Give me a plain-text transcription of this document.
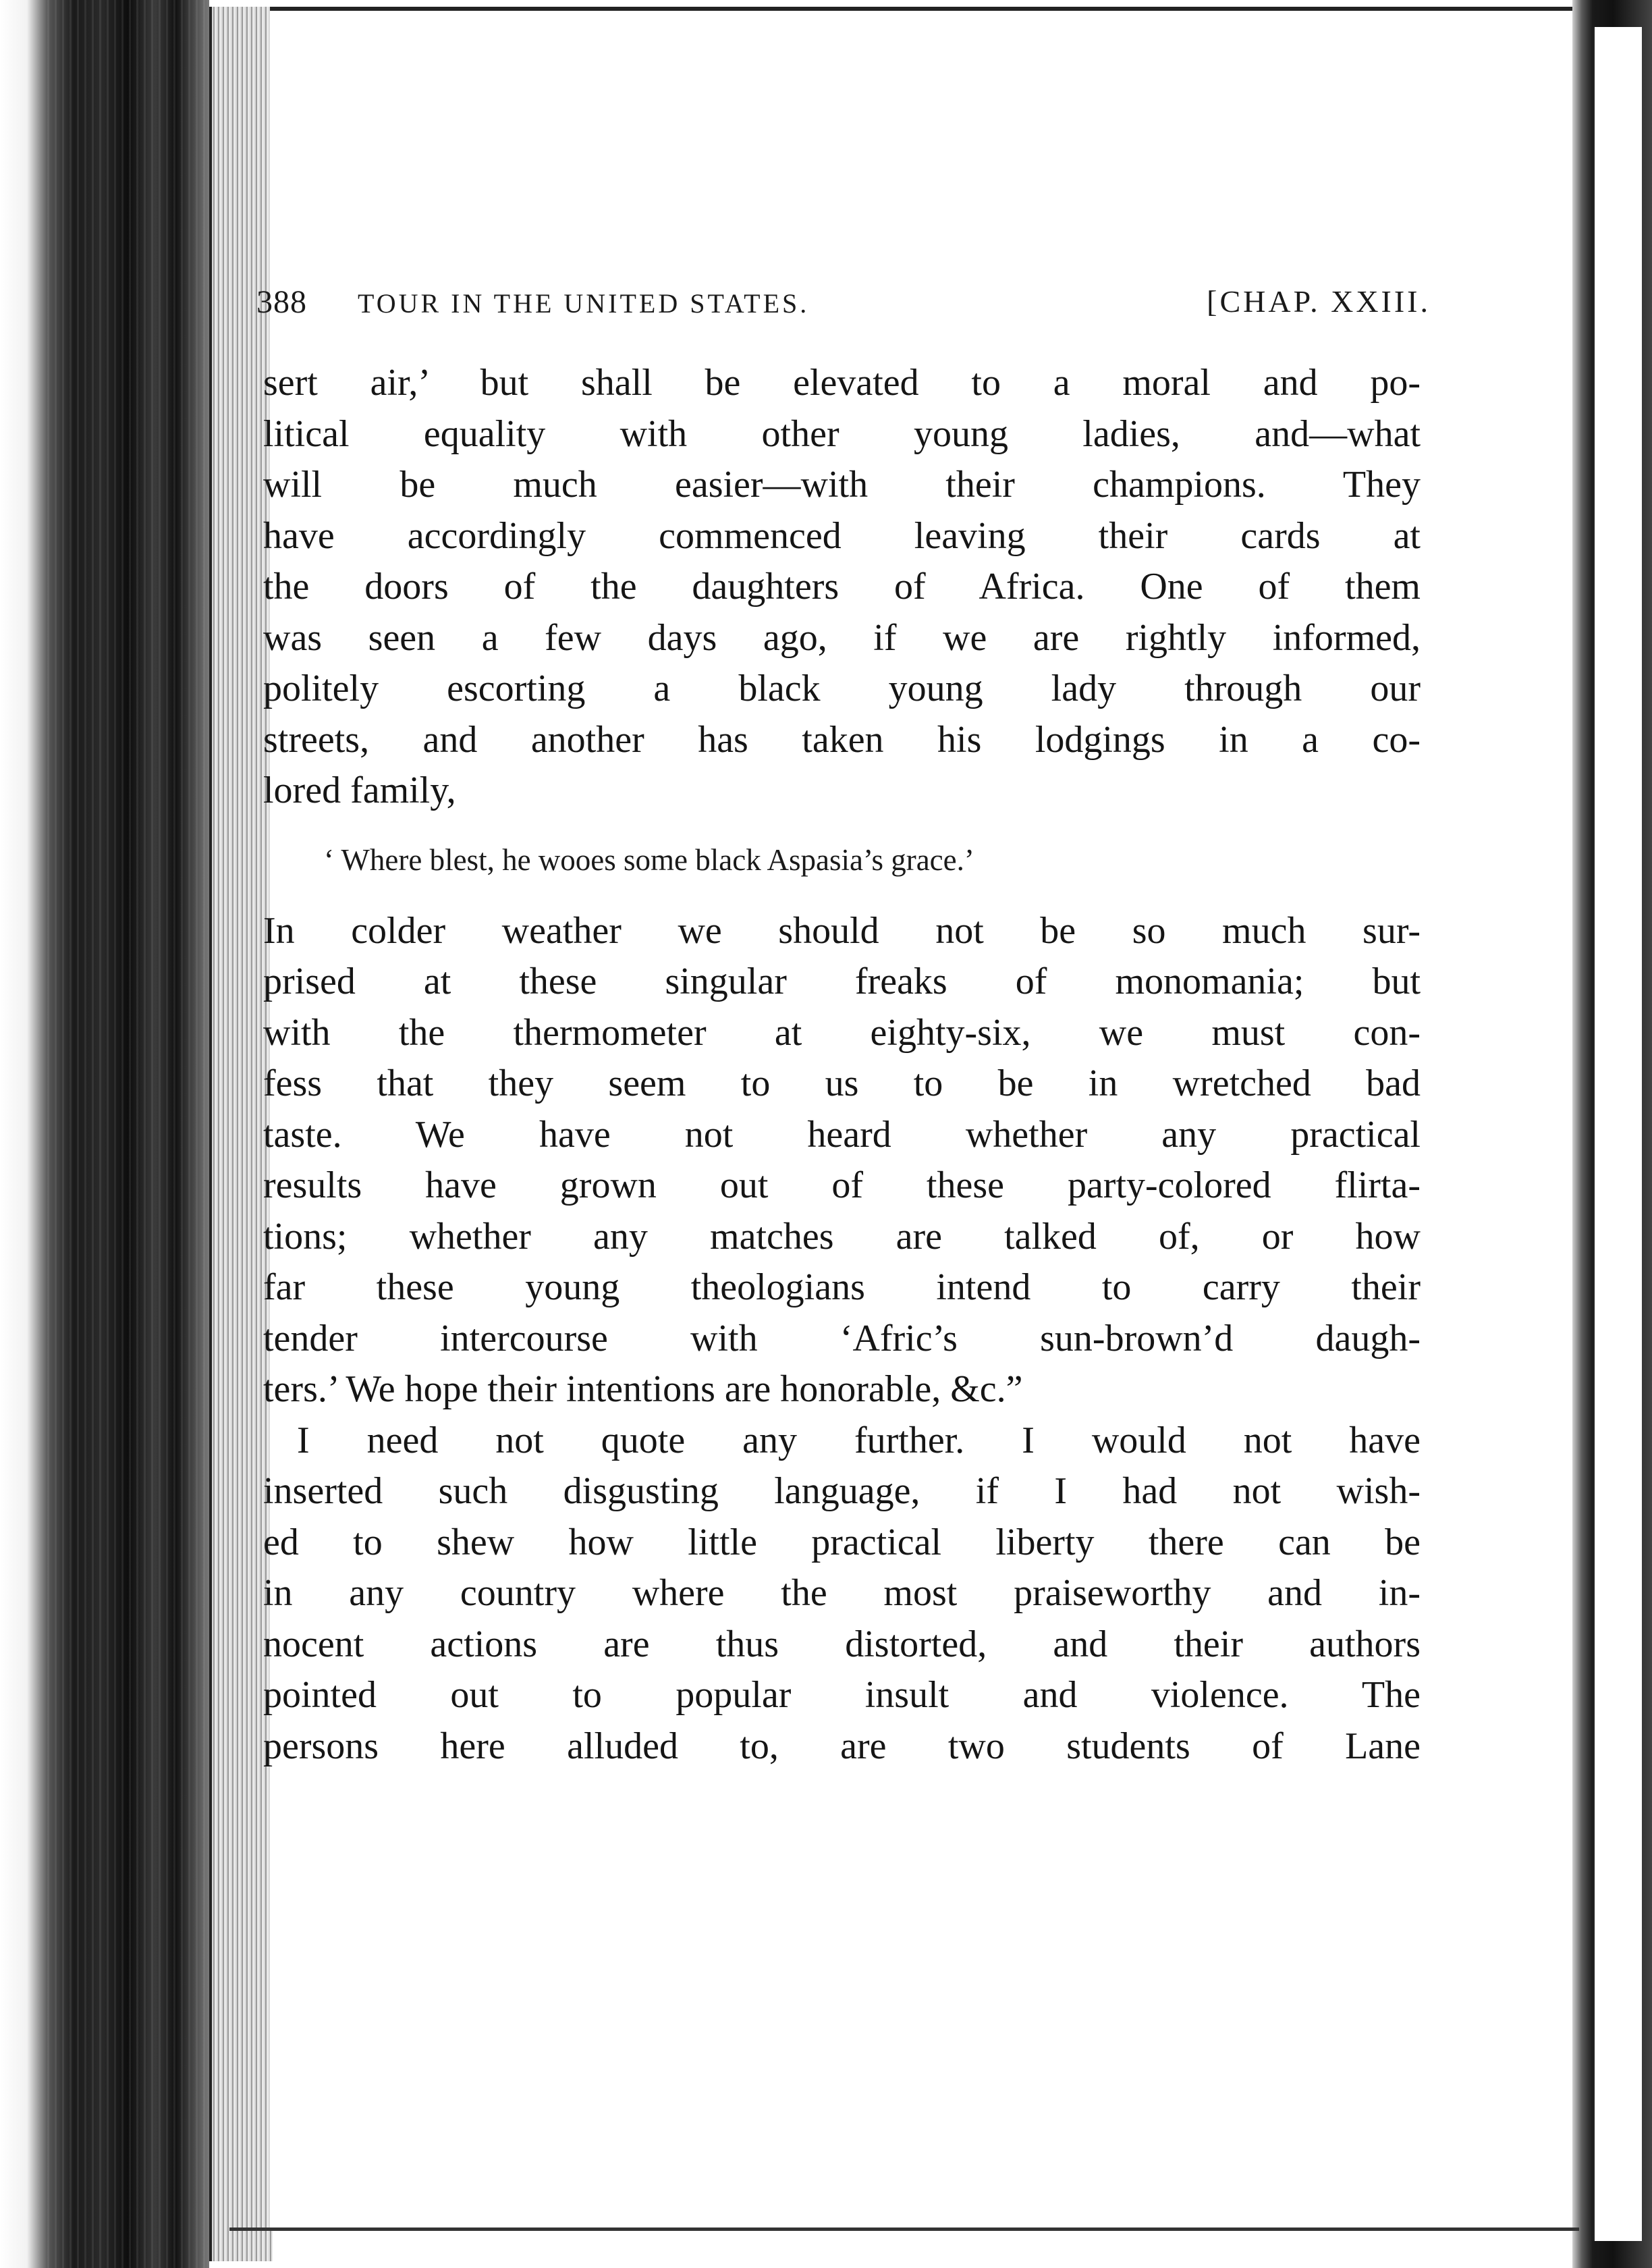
388 TOUR IN THE UNITED STATES.	[CHAP. XXIII.
sert air,’ but shall be elevated to a moral and po-
litical equality with other young ladies, and—what
will be much easier—with their champions. They
have accordingly commenced leaving their cards at
the doors of the daughters of Africa. One of them
was seen a few days ago, if we are rightly informed,
politely escorting a black young lady through our
streets, and another has taken his lodgings in a co-
lored family,
‘ Where blest, he wooes some black Aspasia’s grace.’
In colder weather we should not be so much sur-
prised at these singular freaks of monomania; but
with the thermometer at eighty-six, we must con-
fess that they seem to us to be in wretched bad
taste. We have not heard whether any practical
results have grown out of these party-colored flirta-
tions; whether any matches are talked of, or how
far these young theologians intend to carry their
tender intercourse with ‘Afric’s sun-brown’d daugh-
ters.’ We hope their intentions are honorable, &c.”
I need not quote any further. I would not have
inserted such disgusting language, if I had not wish-
ed to shew how little practical liberty there can be
in any country where the most praiseworthy and in-
nocent actions are thus distorted, and their authors
pointed out to popular insult and violence. The
persons here alluded to, are two students of Lane
